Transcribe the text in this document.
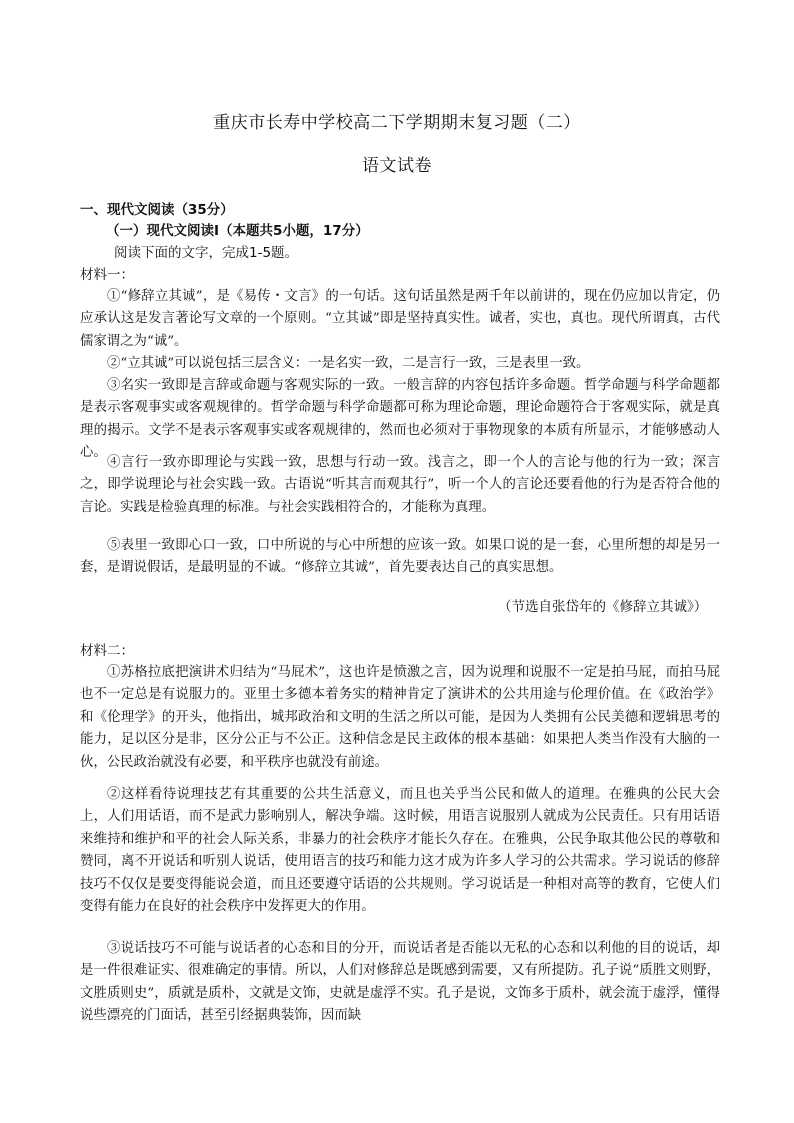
重庆市长寿中学校高二下学期期末复习题（二）
语文试卷
一、现代文阅读（35分）
（一）现代文阅读Ⅰ（本题共5小题，17分）
阅读下面的文字，完成1-5题。
材料一：
①“修辞立其诚”，是《易传・文言》的一句话。这句话虽然是两千年以前讲的，现在仍应加以肯定，仍应承认这是发言著论写文章的一个原则。“立其诚”即是坚持真实性。诚者，实也，真也。现代所谓真，古代儒家谓之为“诚”。
②“立其诚”可以说包括三层含义：一是名实一致，二是言行一致，三是表里一致。
③名实一致即是言辞或命题与客观实际的一致。一般言辞的内容包括许多命题。哲学命题与科学命题都是表示客观事实或客观规律的。哲学命题与科学命题都可称为理论命题，理论命题符合于客观实际，就是真理的揭示。文学不是表示客观事实或客观规律的，然而也必须对于事物现象的本质有所显示，才能够感动人心。
④言行一致亦即理论与实践一致，思想与行动一致。浅言之，即一个人的言论与他的行为一致；深言之，即学说理论与社会实践一致。古语说“听其言而观其行”，听一个人的言论还要看他的行为是否符合他的言论。实践是检验真理的标准。与社会实践相符合的，才能称为真理。
⑤表里一致即心口一致，口中所说的与心中所想的应该一致。如果口说的是一套，心里所想的却是另一套，是谓说假话，是最明显的不诚。“修辞立其诚”，首先要表达自己的真实思想。
（节选自张岱年的《修辞立其诚》）
材料二：
①苏格拉底把演讲术归结为“马屁术”，这也许是愤激之言，因为说理和说服不一定是拍马屁，而拍马屁也不一定总是有说服力的。亚里士多德本着务实的精神肯定了演讲术的公共用途与伦理价值。在《政治学》和《伦理学》的开头，他指出，城邦政治和文明的生活之所以可能，是因为人类拥有公民美德和逻辑思考的能力，足以区分是非，区分公正与不公正。这种信念是民主政体的根本基础：如果把人类当作没有大脑的一伙，公民政治就没有必要，和平秩序也就没有前途。
②这样看待说理技艺有其重要的公共生活意义，而且也关乎当公民和做人的道理。在雅典的公民大会上，人们用话语，而不是武力影响别人，解决争端。这时候，用语言说服别人就成为公民责任。只有用话语来维持和维护和平的社会人际关系，非暴力的社会秩序才能长久存在。在雅典，公民争取其他公民的尊敬和赞同，离不开说话和听别人说话，使用语言的技巧和能力这才成为许多人学习的公共需求。学习说话的修辞技巧不仅仅是要变得能说会道，而且还要遵守话语的公共规则。学习说话是一种相对高等的教育，它使人们变得有能力在良好的社会秩序中发挥更大的作用。
③说话技巧不可能与说话者的心态和目的分开，而说话者是否能以无私的心态和以利他的目的说话，却是一件很难证实、很难确定的事情。所以，人们对修辞总是既感到需要，又有所提防。孔子说“质胜文则野，文胜质则史”，质就是质朴，文就是文饰，史就是虚浮不实。孔子是说，文饰多于质朴，就会流于虚浮，懂得说些漂亮的门面话，甚至引经据典装饰，因而缺
